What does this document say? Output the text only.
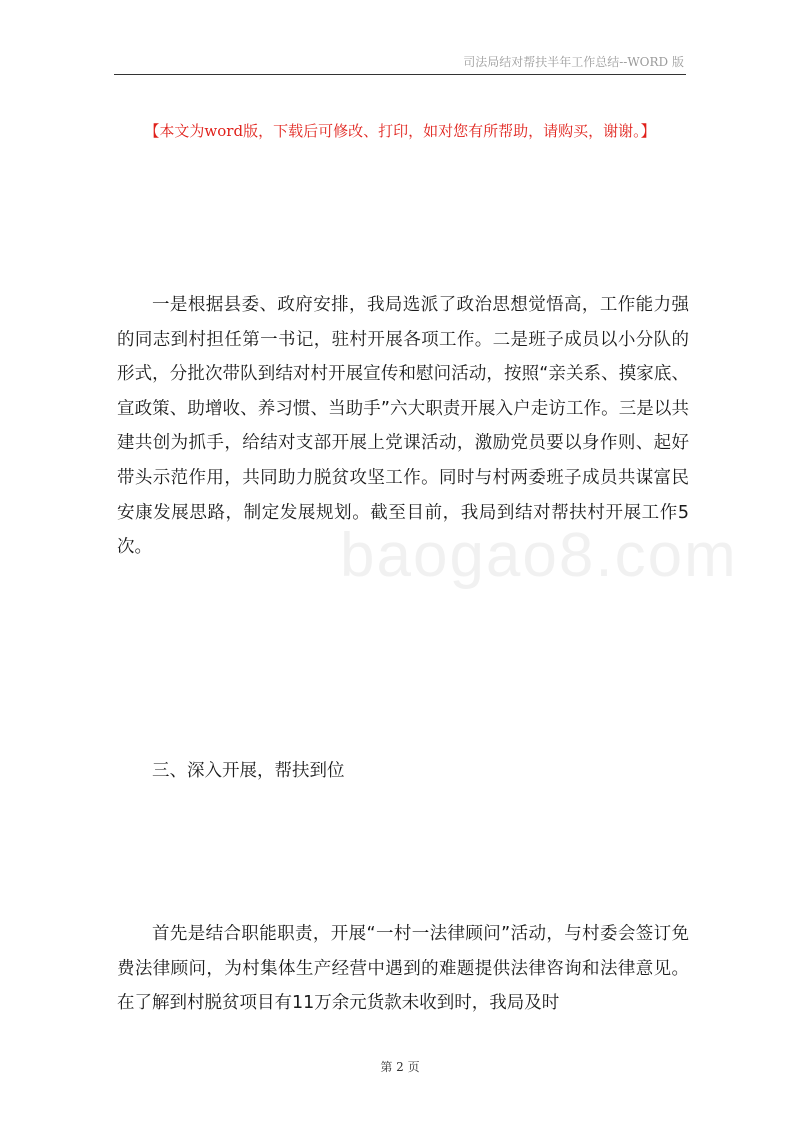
司法局结对帮扶半年工作总结--WORD 版
【本文为word版，下载后可修改、打印，如对您有所帮助，请购买，谢谢。】

一是根据县委、政府安排，我局选派了政治思想觉悟高，工作能力强的同志到村担任第一书记，驻村开展各项工作。二是班子成员以小分队的形式，分批次带队到结对村开展宣传和慰问活动，按照“亲关系、摸家底、宣政策、助增收、养习惯、当助手”六大职责开展入户走访工作。三是以共建共创为抓手，给结对支部开展上党课活动，激励党员要以身作则、起好带头示范作用，共同助力脱贫攻坚工作。同时与村两委班子成员共谋富民安康发展思路，制定发展规划。截至目前，我局到结对帮扶村开展工作5次。

三、深入开展，帮扶到位

首先是结合职能职责，开展“一村一法律顾问”活动，与村委会签订免费法律顾问，为村集体生产经营中遇到的难题提供法律咨询和法律意见。在了解到村脱贫项目有11万余元货款未收到时，我局及时

baogao8.com
第 2 页
